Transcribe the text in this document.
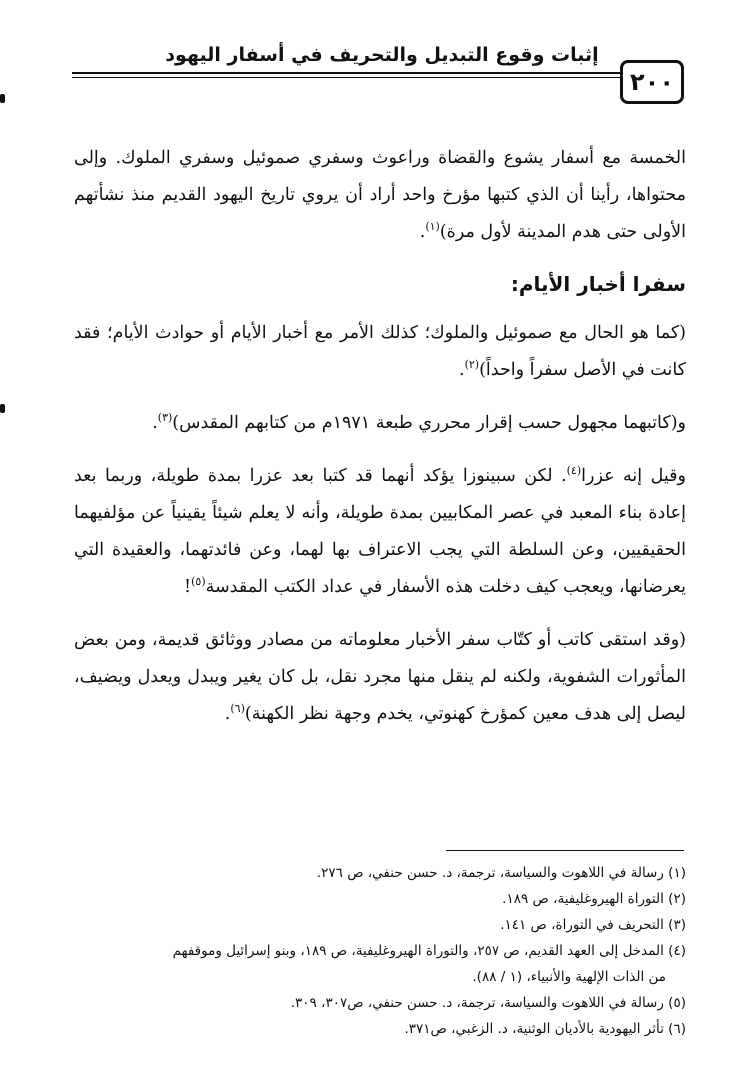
إثبات وقوع التبديل والتحريف في أسفار اليهود
٢٠٠

الخمسة مع أسفار يشوع والقضاة وراعوث وسفري صموئيل وسفري الملوك. وإلى محتواها، رأينا أن الذي كتبها مؤرخ واحد أراد أن يروي تاريخ اليهود القديم منذ نشأتهم الأولى حتى هدم المدينة لأول مرة)$^{(١)}$.

سفرا أخبار الأيام:

(كما هو الحال مع صموئيل والملوك؛ كذلك الأمر مع أخبار الأيام أو حوادث الأيام؛ فقد كانت في الأصل سفراً واحداً)$^{(٢)}$.

و(كاتبهما مجهول حسب إقرار محرري طبعة ١٩٧١م من كتابهم المقدس)$^{(٣)}$.

وقيل إنه عزرا$^{(٤)}$. لكن سبينوزا يؤكد أنهما قد كتبا بعد عزرا بمدة طويلة، وربما بعد إعادة بناء المعبد في عصر المكابيين بمدة طويلة، وأنه لا يعلم شيئاً يقينياً عن مؤلفيهما الحقيقيين، وعن السلطة التي يجب الاعتراف بها لهما، وعن فائدتهما، والعقيدة التي يعرضانها، ويعجب كيف دخلت هذه الأسفار في عداد الكتب المقدسة$^{(٥)}$!

(وقد استقى كاتب أو كتّاب سفر الأخبار معلوماته من مصادر ووثائق قديمة، ومن بعض المأثورات الشفوية، ولكنه لم ينقل منها مجرد نقل، بل كان يغير ويبدل ويعدل ويضيف، ليصل إلى هدف معين كمؤرخ كهنوتي، يخدم وجهة نظر الكهنة)$^{(٦)}$.

(١) رسالة في اللاهوت والسياسة، ترجمة، د. حسن حنفي، ص ٢٧٦.

(٢) التوراة الهيروغليفية، ص ١٨٩.

(٣) التحريف في التوراة، ص ١٤١.

(٤) المدخل إلى العهد القديم، ص ٢٥٧، والتوراة الهيروغليفية، ص ١٨٩، وبنو إسرائيل وموقفهم

من الذات الإلهية والأنبياء، (١ / ٨٨).

(٥) رسالة في اللاهوت والسياسة، ترجمة، د. حسن حنفي، ص٣٠٧، ٣٠٩.

(٦) تأثر اليهودية بالأديان الوثنية، د. الزغبي، ص٣٧١.
